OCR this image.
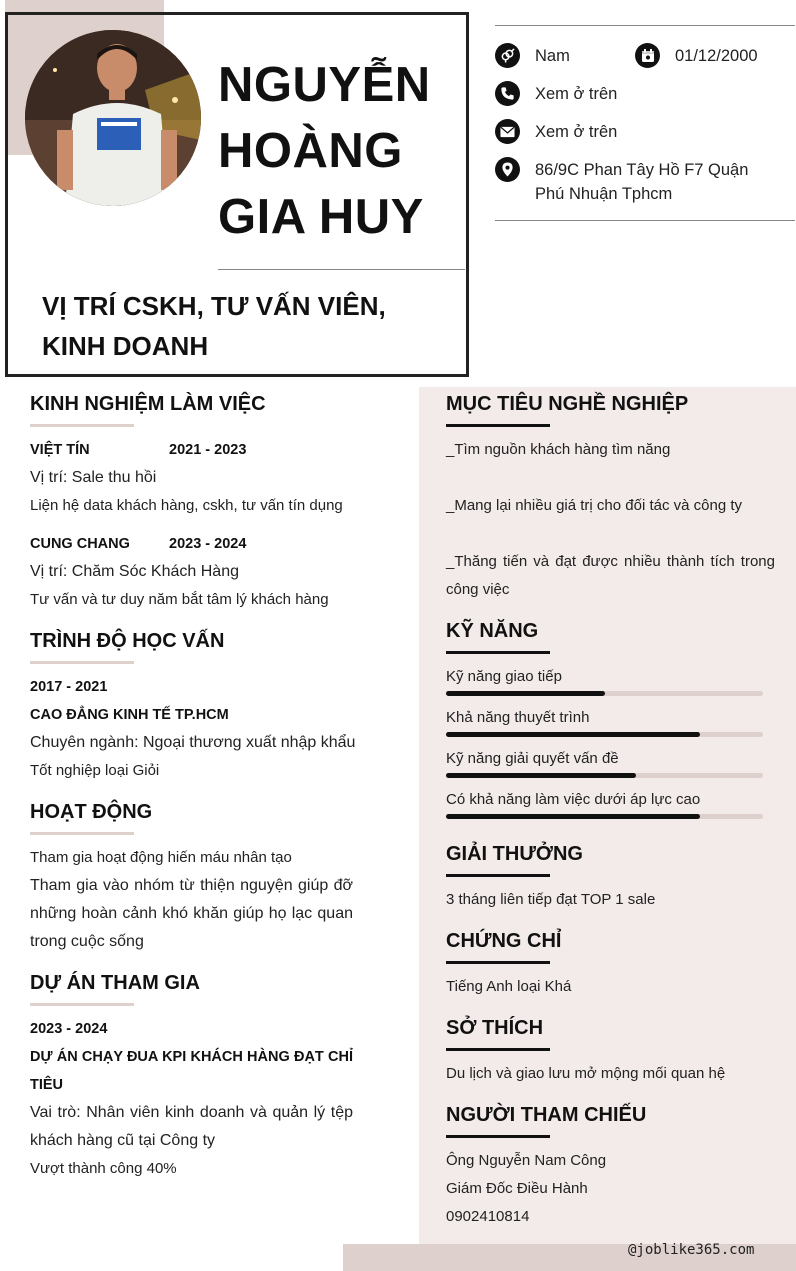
NGUYỄN
HOÀNG
GIA HUY
VỊ TRÍ CSKH, TƯ VẤN VIÊN,
KINH DOANH
Nam	01/12/2000
Xem ở trên
Xem ở trên
86/9C Phan Tây Hồ F7 Quận
Phú Nhuận Tphcm
KINH NGHIỆM LÀM VIỆC
VIỆT TÍN	2021 - 2023
Vị trí: Sale thu hồi
Liện hệ data khách hàng, cskh, tư vấn tín dụng
CUNG CHANG	2023 - 2024
Vị trí: Chăm Sóc Khách Hàng
Tư vấn và tư duy năm bắt tâm lý khách hàng
TRÌNH ĐỘ HỌC VẤN
2017 - 2021
CAO ĐẲNG KINH TẾ TP.HCM
Chuyên ngành: Ngoại thương xuất nhập khẩu
Tốt nghiệp loại Giỏi
HOẠT ĐỘNG
Tham gia hoạt động hiến máu nhân tạo
Tham gia vào nhóm từ thiện nguyện giúp đỡ những hoàn cảnh khó khăn giúp họ lạc quan trong cuộc sống
DỰ ÁN THAM GIA
2023 - 2024
DỰ ÁN CHẠY ĐUA KPI KHÁCH HÀNG ĐẠT CHỈ TIÊU
Vai trò: Nhân viên kinh doanh và quản lý tệp khách hàng cũ tại Công ty
Vượt thành công 40%
MỤC TIÊU NGHỀ NGHIỆP
_Tìm nguồn khách hàng tìm năng
_Mang lại nhiều giá trị cho đối tác và công ty
_Thăng tiến và đạt được nhiều thành tích trong công việc
KỸ NĂNG
Kỹ năng giao tiếp
Khả năng thuyết trình
Kỹ năng giải quyết vấn đề
Có khả năng làm việc dưới áp lực cao
GIẢI THƯỞNG
3 tháng liên tiếp đạt TOP 1 sale
CHỨNG CHỈ
Tiếng Anh loại Khá
SỞ THÍCH
Du lịch và giao lưu mở mộng mối quan hệ
NGƯỜI THAM CHIẾU
Ông Nguyễn Nam Công
Giám Đốc Điều Hành
0902410814
@joblike365.com
